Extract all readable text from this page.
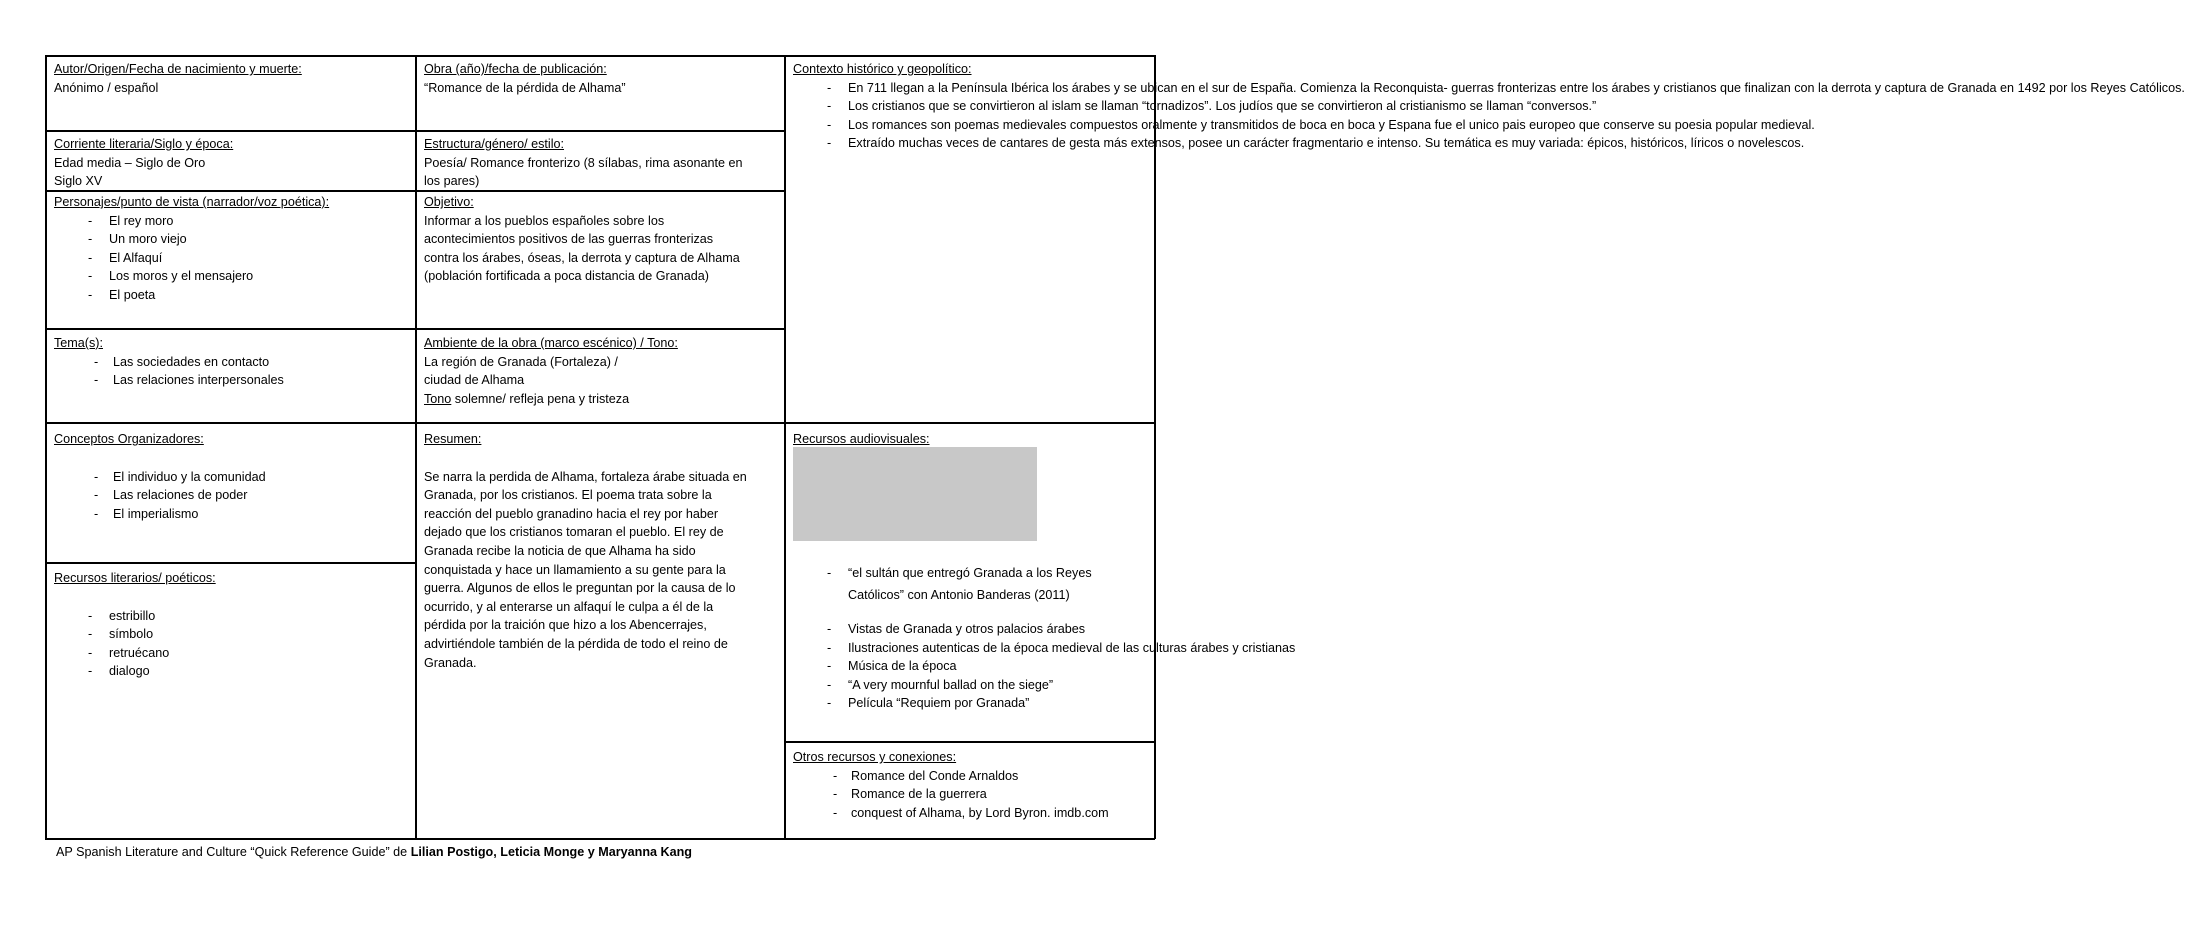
Autor/Origen/Fecha de nacimiento y muerte:
Anónimo / español
Corriente literaria/Siglo y época:
Edad media – Siglo de Oro
Siglo XV
Personajes/punto de vista (narrador/voz poética):
- El rey moro
- Un moro viejo
- El Alfaquí
- Los moros y el mensajero
- El poeta
Tema(s):
- Las sociedades en contacto
- Las relaciones interpersonales
Conceptos Organizadores:
- El individuo y la comunidad
- Las relaciones de poder
- El imperialismo
Recursos literarios/ poéticos:
- estribillo
- símbolo
- retruécano
- dialogo
Obra (año)/fecha de publicación:
“Romance de la pérdida de Alhama”
Estructura/género/ estilo:
Poesía/ Romance fronterizo (8 sílabas, rima asonante en
los pares)
Objetivo:
Informar a los pueblos españoles sobre los
acontecimientos positivos de las guerras fronterizas
contra los árabes, óseas, la derrota y captura de Alhama
(población fortificada a poca distancia de Granada)
Ambiente de la obra (marco escénico) / Tono:
La región de Granada (Fortaleza) /
ciudad de Alhama
Tono solemne/ refleja pena y tristeza
Resumen:
Se narra la perdida de Alhama, fortaleza árabe situada en
Granada, por los cristianos. El poema trata sobre la
reacción del pueblo granadino hacia el rey por haber
dejado que los cristianos tomaran el pueblo. El rey de
Granada recibe la noticia de que Alhama ha sido
conquistada y hace un llamamiento a su gente para la
guerra. Algunos de ellos le preguntan por la causa de lo
ocurrido, y al enterarse un alfaquí le culpa a él de la
pérdida por la traición que hizo a los Abencerrajes,
advirtiéndole también de la pérdida de todo el reino de
Granada.
Contexto histórico y geopolítico:
- En 711 llegan a la Península Ibérica los árabes y se ubican en el sur de España. Comienza la Reconquista- guerras fronterizas entre los árabes y cristianos que finalizan con la derrota y captura de Granada en 1492 por los Reyes Católicos.
- Los cristianos que se convirtieron al islam se llaman “tornadizos”. Los judíos que se convirtieron al cristianismo se llaman “conversos.”
- Los romances son poemas medievales compuestos oralmente y transmitidos de boca en boca y Espana fue el unico pais europeo que conserve su poesia popular medieval.
- Extraído muchas veces de cantares de gesta más extensos, posee un carácter fragmentario e intenso. Su temática es muy variada: épicos, históricos, líricos o novelescos.
Recursos audiovisuales:
- “el sultán que entregó Granada a los Reyes
Católicos” con Antonio Banderas (2011)
- Vistas de Granada y otros palacios árabes
- Ilustraciones autenticas de la época medieval de las culturas árabes y cristianas
- Música de la época
- “A very mournful ballad on the siege”
- Película “Requiem por Granada”
Otros recursos y conexiones:
- Romance del Conde Arnaldos
- Romance de la guerrera
- conquest of Alhama, by Lord Byron. imdb.com
AP Spanish Literature and Culture “Quick Reference Guide” de Lilian Postigo, Leticia Monge y Maryanna Kang
